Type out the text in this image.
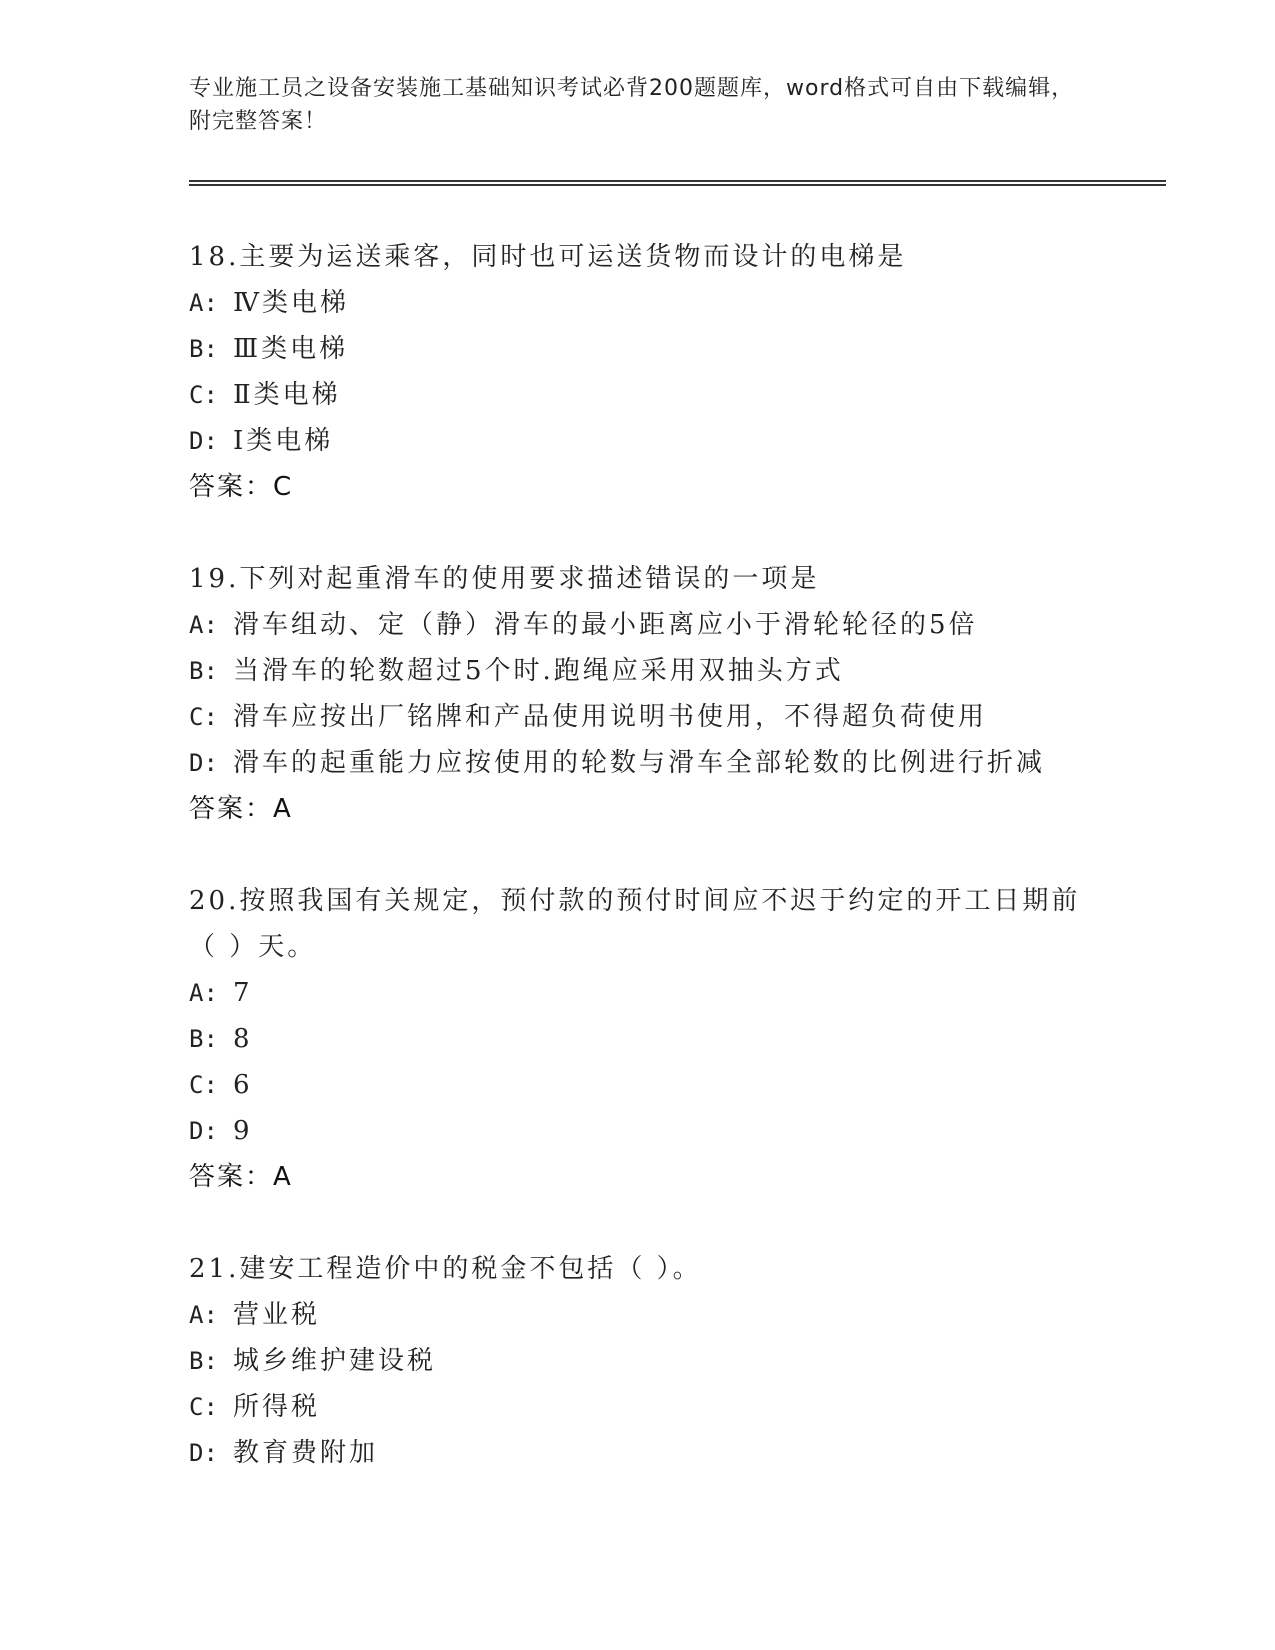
专业施工员之设备安装施工基础知识考试必背200题题库，word格式可自由下载编辑，附完整答案！
18.主要为运送乘客，同时也可运送货物而设计的电梯是
A: Ⅳ类电梯
B: Ⅲ类电梯
C: Ⅱ类电梯
D: Ⅰ类电梯
答案：C
19.下列对起重滑车的使用要求描述错误的一项是
A: 滑车组动、定（静）滑车的最小距离应小于滑轮轮径的5倍
B: 当滑车的轮数超过5个时.跑绳应采用双抽头方式
C: 滑车应按出厂铭牌和产品使用说明书使用，不得超负荷使用
D: 滑车的起重能力应按使用的轮数与滑车全部轮数的比例进行折减
答案：A
20.按照我国有关规定，预付款的预付时间应不迟于约定的开工日期前（ ）天。
A: 7
B: 8
C: 6
D: 9
答案：A
21.建安工程造价中的税金不包括（ ）。
A: 营业税
B: 城乡维护建设税
C: 所得税
D: 教育费附加
